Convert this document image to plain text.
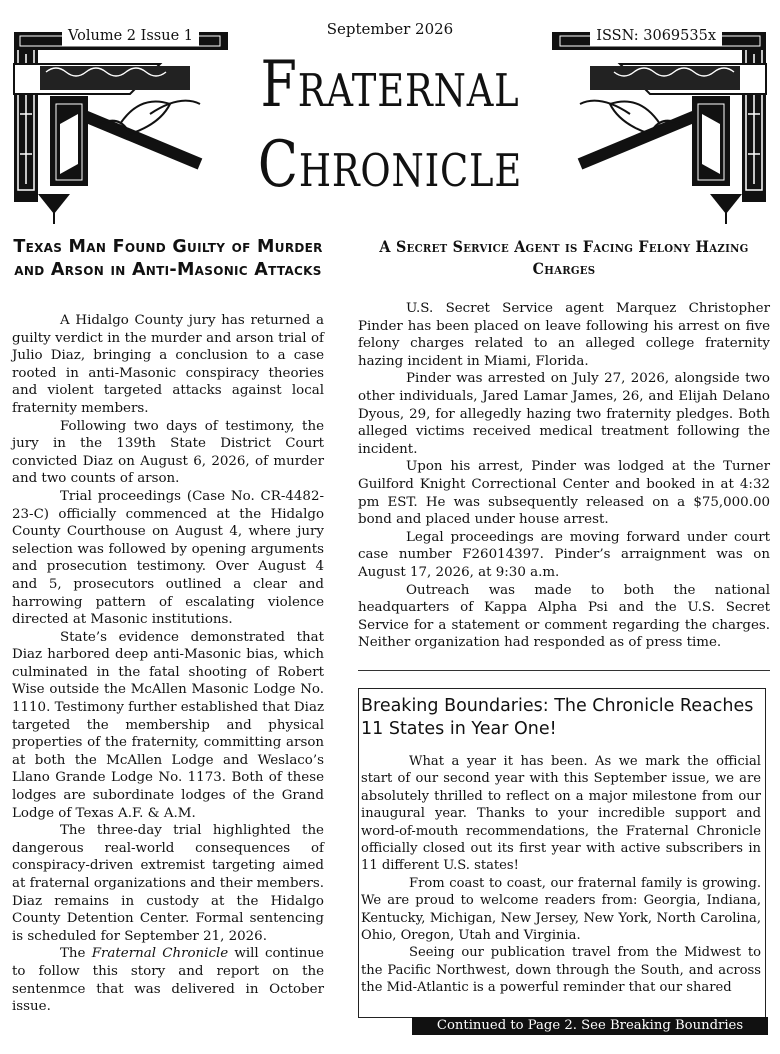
Volume 2 Issue 1	ISSN: 3069535x
September 2026
Fraternal
Chronicle
Texas Man Found Guilty of Murder and Arson in Anti-Masonic Attacks

A Hidalgo County jury has returned a guilty verdict in the murder and arson trial of Julio Diaz, bringing a conclusion to a case rooted in anti-Masonic conspiracy theories and violent targeted attacks against local fraternity members.

Following two days of testimony, the jury in the 139th State District Court convicted Diaz on August 6, 2026, of murder and two counts of arson.

Trial proceedings (Case No. CR-4482-23-C) officially commenced at the Hidalgo County Courthouse on August 4, where jury selection was followed by opening arguments and prosecution testimony. Over August 4 and 5, prosecutors outlined a clear and harrowing pattern of escalating violence directed at Masonic institutions.

State’s evidence demonstrated that Diaz harbored deep anti-Masonic bias, which culminated in the fatal shooting of Robert Wise outside the McAllen Masonic Lodge No. 1110. Testimony further established that Diaz targeted the membership and physical properties of the fraternity, committing arson at both the McAllen Lodge and Weslaco’s Llano Grande Lodge No. 1173. Both of these lodges are subordinate lodges of the Grand Lodge of Texas A.F. & A.M.

The three-day trial highlighted the dangerous real-world consequences of conspiracy-driven extremist targeting aimed at fraternal organizations and their members. Diaz remains in custody at the Hidalgo County Detention Center. Formal sentencing is scheduled for September 21, 2026.

The Fraternal Chronicle will continue to follow this story and report on the sentenmce that was delivered in October issue.

A Secret Service Agent is Facing Felony Hazing Charges

U.S. Secret Service agent Marquez Christopher Pinder has been placed on leave following his arrest on five felony charges related to an alleged college fraternity hazing incident in Miami, Florida.

Pinder was arrested on July 27, 2026, alongside two other individuals, Jared Lamar James, 26, and Elijah Delano Dyous, 29, for allegedly hazing two fraternity pledges. Both alleged victims received medical treatment following the incident.

Upon his arrest, Pinder was lodged at the Turner Guilford Knight Correctional Center and booked in at 4:32 pm EST. He was subsequently released on a $75,000.00 bond and placed under house arrest.

Legal proceedings are moving forward under court case number F26014397. Pinder’s arraignment was on August 17, 2026, at 9:30 a.m.

Outreach was made to both the national headquarters of Kappa Alpha Psi and the U.S. Secret Service for a statement or comment regarding the charges. Neither organization had responded as of press time.

Breaking Boundaries: The Chronicle Reaches 11 States in Year One!

What a year it has been. As we mark the official start of our second year with this September issue, we are absolutely thrilled to reflect on a major milestone from our inaugural year. Thanks to your incredible support and word-of-mouth recommendations, the Fraternal Chronicle officially closed out its first year with active subscribers in 11 different U.S. states!

From coast to coast, our fraternal family is growing. We are proud to welcome readers from: Georgia, Indiana, Kentucky, Michigan, New Jersey, New York, North Carolina, Ohio, Oregon, Utah and Virginia.

Seeing our publication travel from the Midwest to the Pacific Northwest, down through the South, and across the Mid-Atlantic is a powerful reminder that our shared

Continued to Page 2. See Breaking Boundries
